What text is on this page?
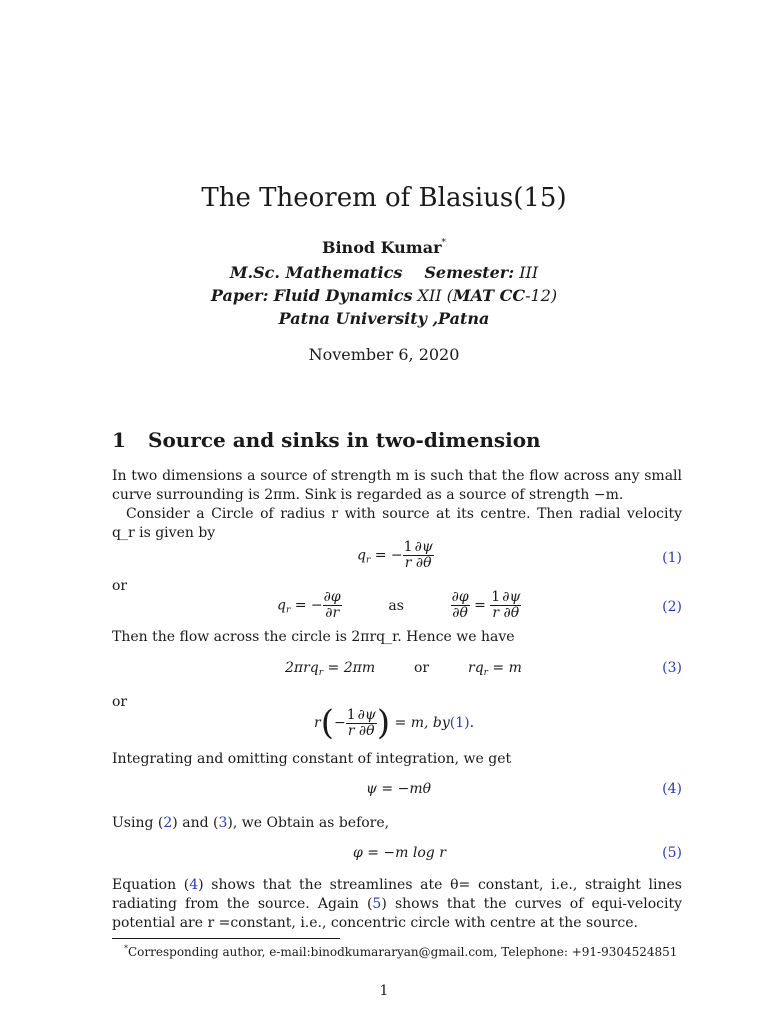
The Theorem of Blasius(15)
Binod Kumar*
M.Sc. Mathematics Semester: III
Paper: Fluid Dynamics XII (MAT CC-12)
Patna University ,Patna
November 6, 2020
1 Source and sinks in two-dimension
In two dimensions a source of strength m is such that the flow across any small curve surrounding is 2πm. Sink is regarded as a source of strength −m.
Consider a Circle of radius r with source at its centre. Then radial velocity q_r is given by
$q_r$ = − $\frac{1}{r} \frac{\partial\psi}{\partial\theta}$	(1)
or
$q_r$ = − $\frac{\partial\varphi}{\partial r}$	as	$\frac{\partial\varphi}{\partial\theta} = \frac{1}{r} \frac{\partial\psi}{\partial\theta}$	(2)
Then the flow across the circle is 2πrq_r. Hence we have
2πrq$_r$ = 2πm	or	$rq_r = m$	(3)
or
$r(- \frac{1}{r} \frac{\partial\psi}{\partial\theta}$ ) = m, by(1).
Integrating and omitting constant of integration, we get
ψ = −mθ	(4)
Using (2) and (3), we Obtain as before,
φ = −m log r	(5)
Equation (4) shows that the streamlines ate θ= constant, i.e., straight lines radiating from the source. Again (5) shows that the curves of equi-velocity potential are r =constant, i.e., concentric circle with centre at the source.
*Corresponding author, e-mail:binodkumararyan@gmail.com, Telephone: +91-9304524851
1
